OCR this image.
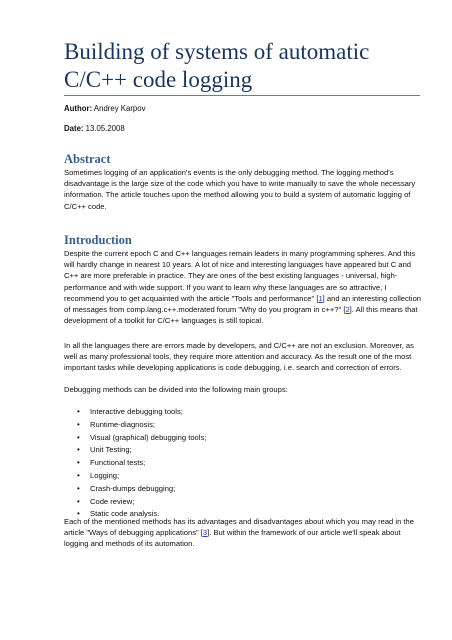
Building of systems of automatic C/C++ code logging
Author: Andrey Karpov
Date: 13.05.2008
Abstract

Sometimes logging of an application's events is the only debugging method. The logging method's disadvantage is the large size of the code which you have to write manually to save the whole necessary information. The article touches upon the method allowing you to build a system of automatic logging of C/C++ code.

Introduction

Despite the current epoch C and C++ languages remain leaders in many programming spheres. And this will hardly change in nearest 10 years. A lot of nice and interesting languages have appeared but C and C++ are more preferable in practice. They are ones of the best existing languages - universal, high-performance and with wide support. If you want to learn why these languages are so attractive, I recommend you to get acquainted with the article "Tools and performance" [1] and an interesting collection of messages from comp.lang.c++.moderated forum "Why do you program in c++?" [2]. All this means that development of a toolkit for C/C++ languages is still topical.

In all the languages there are errors made by developers, and C/C++ are not an exclusion. Moreover, as well as many professional tools, they require more attention and accuracy. As the result one of the most important tasks while developing applications is code debugging, i.e. search and correction of errors.

Debugging methods can be divided into the following main groups:

• Interactive debugging tools;
• Runtime-diagnosis;
• Visual (graphical) debugging tools;
• Unit Testing;
• Functional tests;
• Logging;
• Crash-dumps debugging;
• Code review;
• Static code analysis.

Each of the mentioned methods has its advantages and disadvantages about which you may read in the article "Ways of debugging applications" [3]. But within the framework of our article we'll speak about logging and methods of its automation.
